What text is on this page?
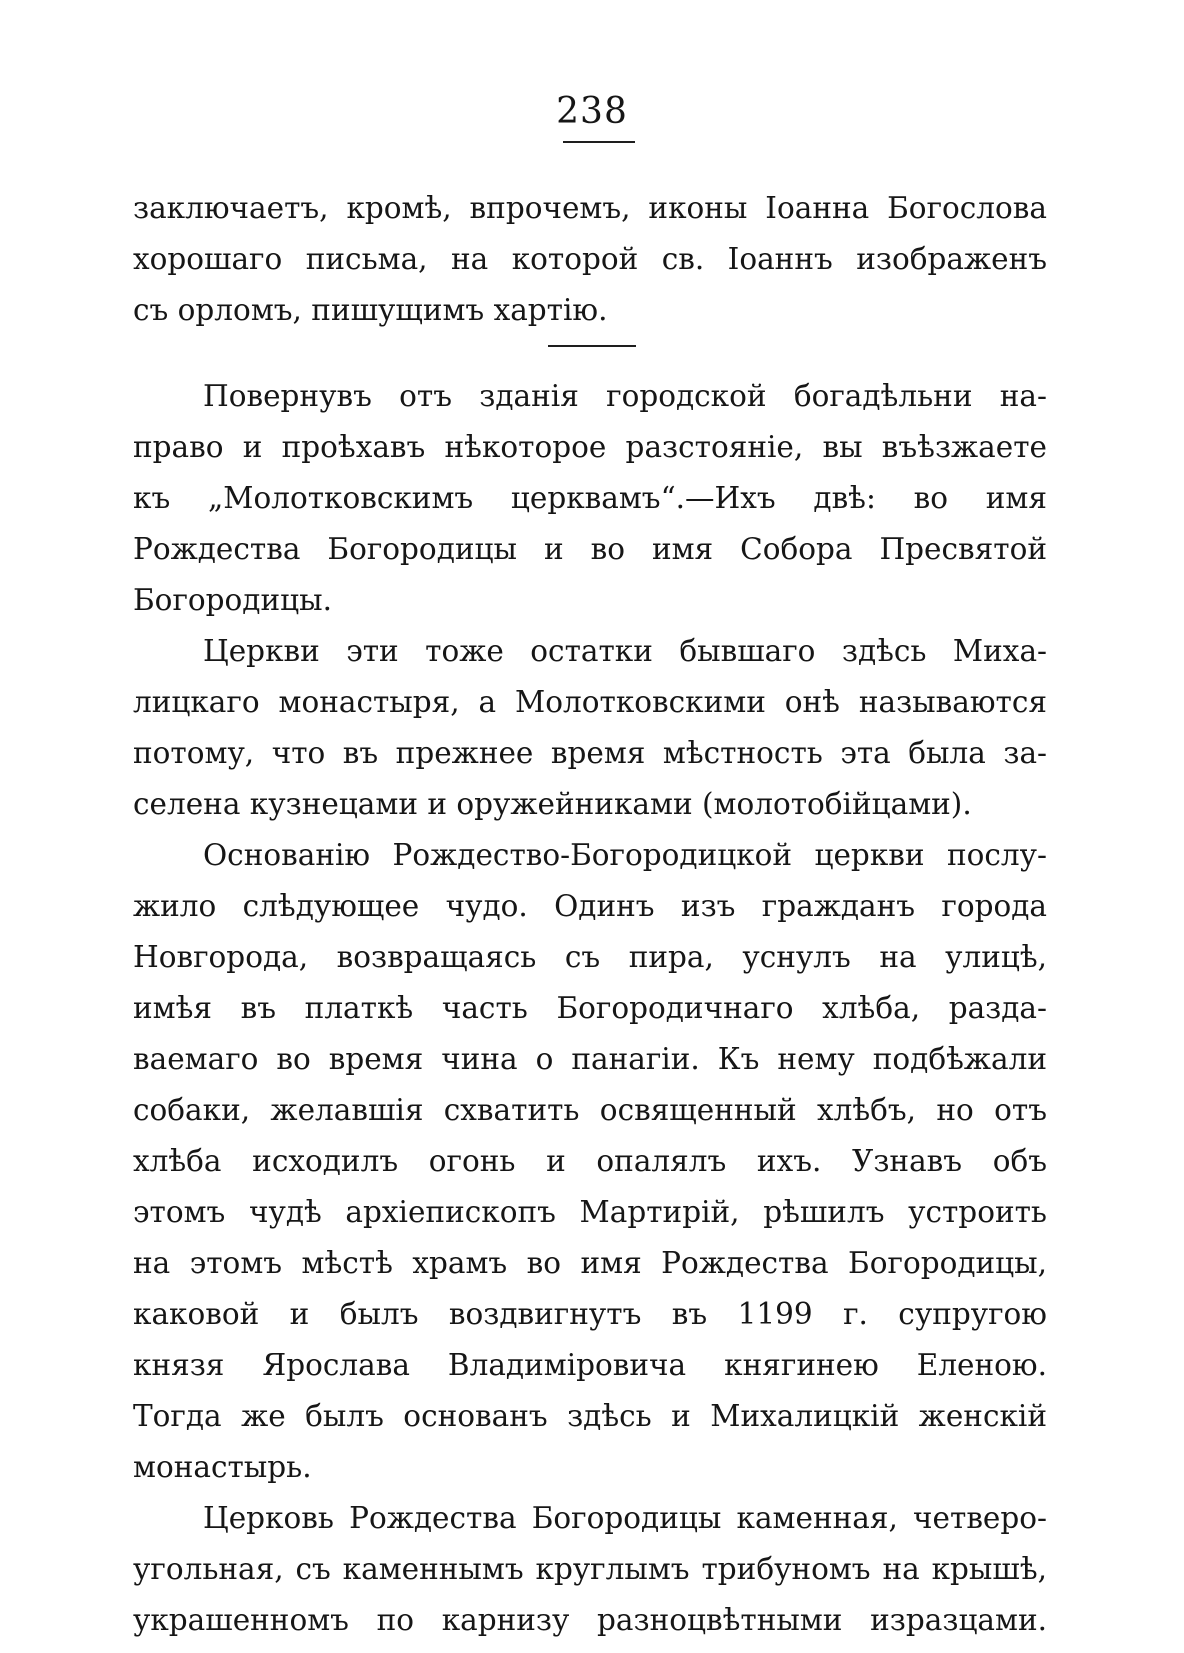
238
заключаетъ, кромѣ, впрочемъ, иконы Іоанна Богослова
хорошаго письма, на которой св. Іоаннъ изображенъ
съ орломъ, пишущимъ хартію.
Повернувъ отъ зданія городской богадѣльни на-
право и проѣхавъ нѣкоторое разстояніе, вы въѣзжаете
къ „Молотковскимъ церквамъ“.—Ихъ двѣ: во имя
Рождества Богородицы и во имя Собора Пресвятой
Богородицы.
Церкви эти тоже остатки бывшаго здѣсь Миха-
лицкаго монастыря, а Молотковскими онѣ называются
потому, что въ прежнее время мѣстность эта была за-
селена кузнецами и оружейниками (молотобійцами).
Основанію Рождество-Богородицкой церкви послу-
жило слѣдующее чудо. Одинъ изъ гражданъ города
Новгорода, возвращаясь съ пира, уснулъ на улицѣ,
имѣя въ платкѣ часть Богородичнаго хлѣба, разда-
ваемаго во время чина о панагіи. Къ нему подбѣжали
собаки, желавшія схватить освященный хлѣбъ, но отъ
хлѣба исходилъ огонь и опалялъ ихъ. Узнавъ объ
этомъ чудѣ архіепископъ Мартирій, рѣшилъ устроить
на этомъ мѣстѣ храмъ во имя Рождества Богородицы,
каковой и былъ воздвигнутъ въ 1199 г. супругою
князя Ярослава Владиміровича княгинею Еленою.
Тогда же былъ основанъ здѣсь и Михалицкій женскій
монастырь.
Церковь Рождества Богородицы каменная, четверо-
угольная, съ каменнымъ круглымъ трибуномъ на крышѣ,
украшенномъ по карнизу разноцвѣтными изразцами.
